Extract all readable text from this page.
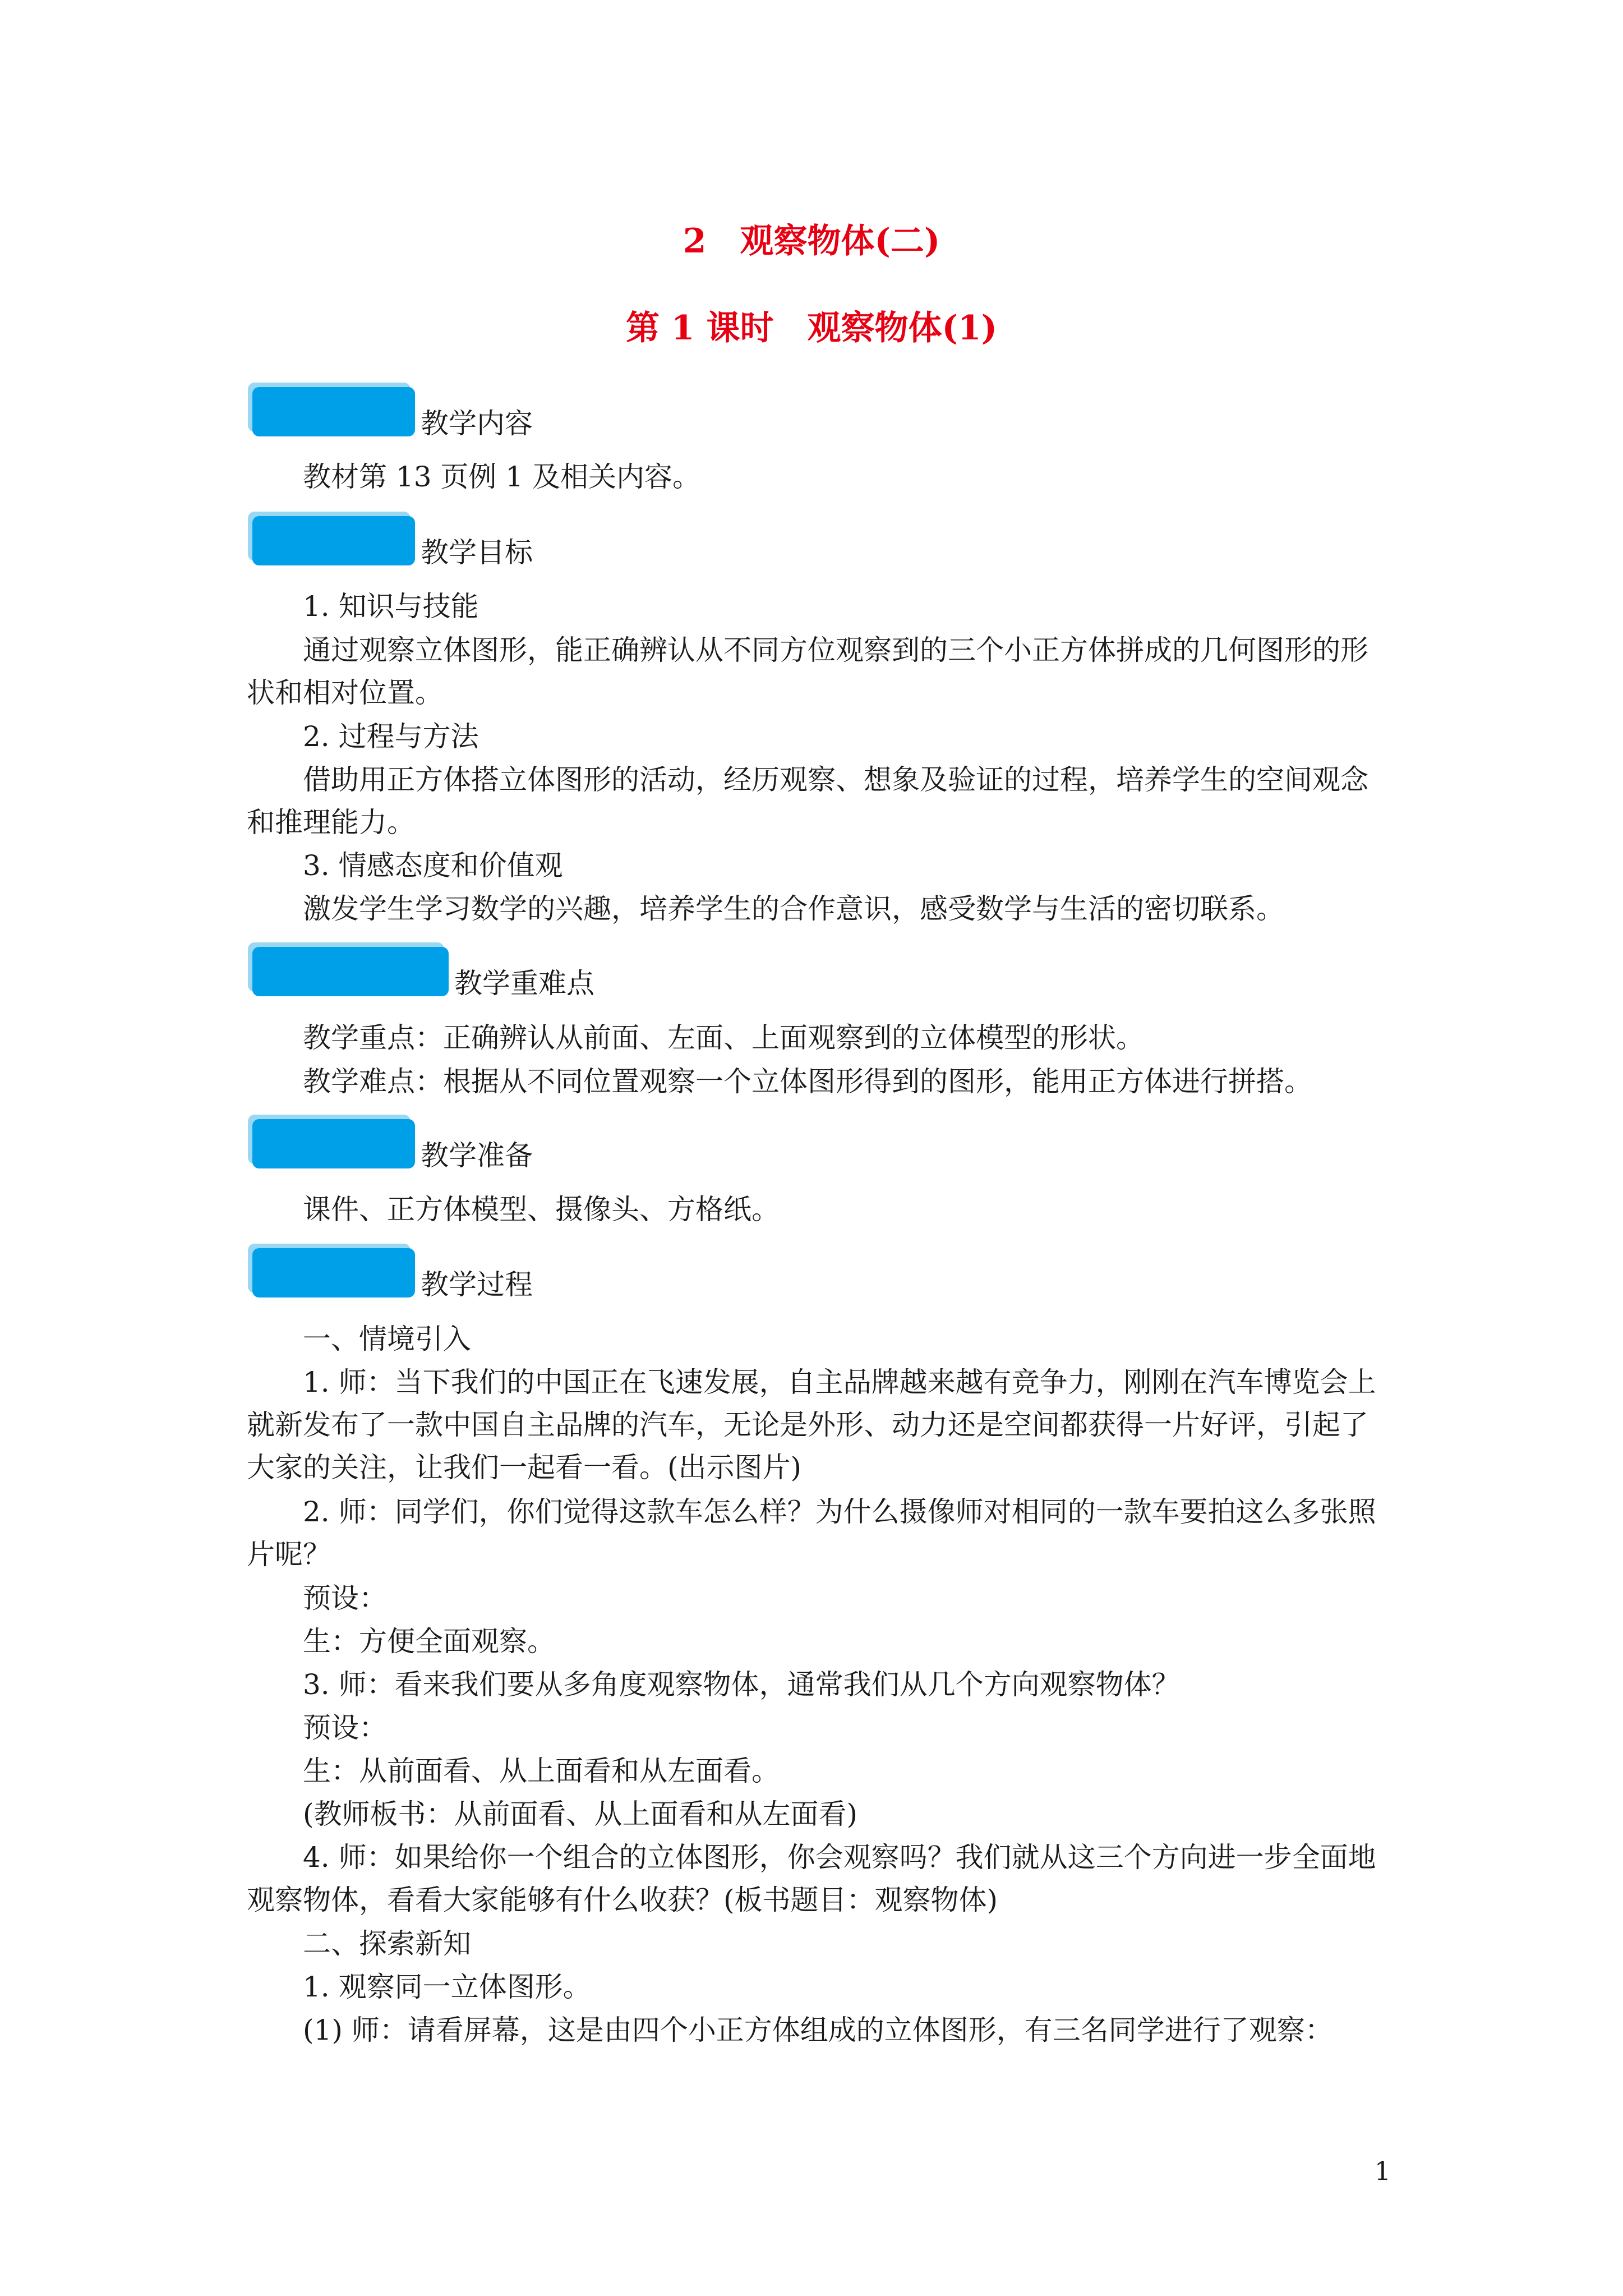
2　观察物体(二)
第 1 课时　观察物体(1)
教学内容
教材第 13 页例 1 及相关内容。
教学目标
1. 知识与技能
通过观察立体图形，能正确辨认从不同方位观察到的三个小正方体拼成的几何图形的形状和相对位置。
2. 过程与方法
借助用正方体搭立体图形的活动，经历观察、想象及验证的过程，培养学生的空间观念和推理能力。
3. 情感态度和价值观
激发学生学习数学的兴趣，培养学生的合作意识，感受数学与生活的密切联系。
教学重难点
教学重点：正确辨认从前面、左面、上面观察到的立体模型的形状。
教学难点：根据从不同位置观察一个立体图形得到的图形，能用正方体进行拼搭。
教学准备
课件、正方体模型、摄像头、方格纸。
教学过程
一、情境引入
1. 师：当下我们的中国正在飞速发展，自主品牌越来越有竞争力，刚刚在汽车博览会上就新发布了一款中国自主品牌的汽车，无论是外形、动力还是空间都获得一片好评，引起了大家的关注，让我们一起看一看。(出示图片)
2. 师：同学们，你们觉得这款车怎么样？为什么摄像师对相同的一款车要拍这么多张照片呢？
预设：
生：方便全面观察。
3. 师：看来我们要从多角度观察物体，通常我们从几个方向观察物体？
预设：
生：从前面看、从上面看和从左面看。
(教师板书：从前面看、从上面看和从左面看)
4. 师：如果给你一个组合的立体图形，你会观察吗？我们就从这三个方向进一步全面地观察物体，看看大家能够有什么收获？(板书题目：观察物体)
二、探索新知
1. 观察同一立体图形。
(1) 师：请看屏幕，这是由四个小正方体组成的立体图形，有三名同学进行了观察：
1
